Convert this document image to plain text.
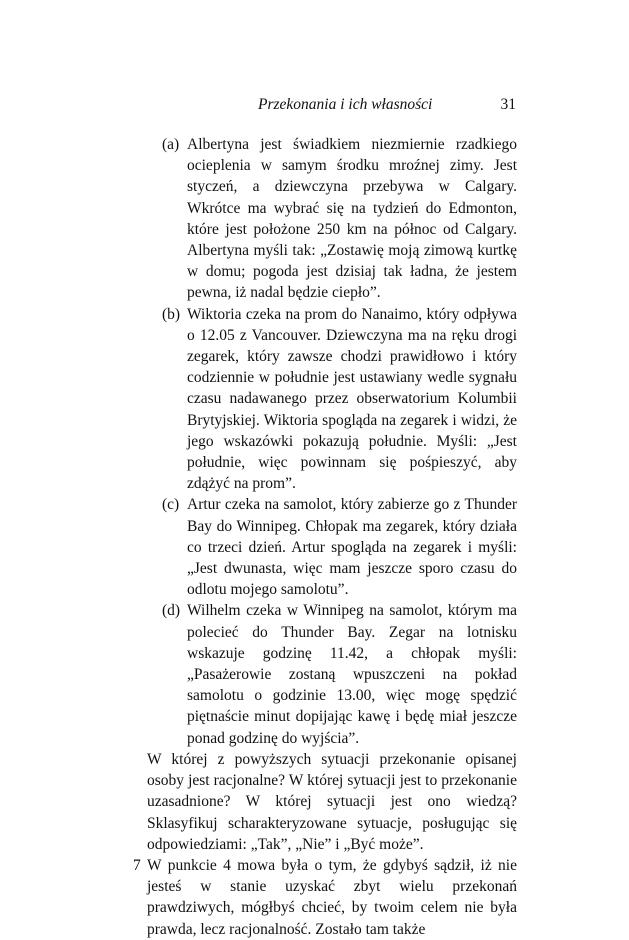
Przekonania i ich własności	31
(a) Albertyna jest świadkiem niezmiernie rzadkiego ocieplenia w samym środku mroźnej zimy. Jest styczeń, a dziewczyna przebywa w Calgary. Wkrótce ma wybrać się na tydzień do Edmonton, które jest położone 250 km na północ od Calgary. Albertyna myśli tak: „Zostawię moją zimową kurtkę w domu; pogoda jest dzisiaj tak ładna, że jestem pewna, iż nadal będzie ciepło”.

(b) Wiktoria czeka na prom do Nanaimo, który odpływa o 12.05 z Vancouver. Dziewczyna ma na ręku drogi zegarek, który zawsze chodzi prawidłowo i który codziennie w południe jest ustawiany wedle sygnału czasu nadawanego przez obserwatorium Kolumbii Brytyjskiej. Wiktoria spogląda na zegarek i widzi, że jego wskazówki pokazują południe. Myśli: „Jest południe, więc powinnam się pośpieszyć, aby zdążyć na prom”.

(c) Artur czeka na samolot, który zabierze go z Thunder Bay do Winnipeg. Chłopak ma zegarek, który działa co trzeci dzień. Artur spogląda na zegarek i myśli: „Jest dwunasta, więc mam jeszcze sporo czasu do odlotu mojego samolotu”.

(d) Wilhelm czeka w Winnipeg na samolot, którym ma polecieć do Thunder Bay. Zegar na lotnisku wskazuje godzinę 11.42, a chłopak myśli: „Pasażerowie zostaną wpuszczeni na pokład samolotu o godzinie 13.00, więc mogę spędzić piętnaście minut dopijając kawę i będę miał jeszcze ponad godzinę do wyjścia”.

W której z powyższych sytuacji przekonanie opisanej osoby jest racjonalne? W której sytuacji jest to przekonanie uzasadnione? W której sytuacji jest ono wiedzą? Sklasyfikuj scharakteryzowane sytuacje, posługując się odpowiedziami: „Tak”, „Nie” i „Być może”.

7 W punkcie 4 mowa była o tym, że gdybyś sądził, iż nie jesteś w stanie uzyskać zbyt wielu przekonań prawdziwych, mógłbyś chcieć, by twoim celem nie była prawda, lecz racjonalność. Zostało tam także
